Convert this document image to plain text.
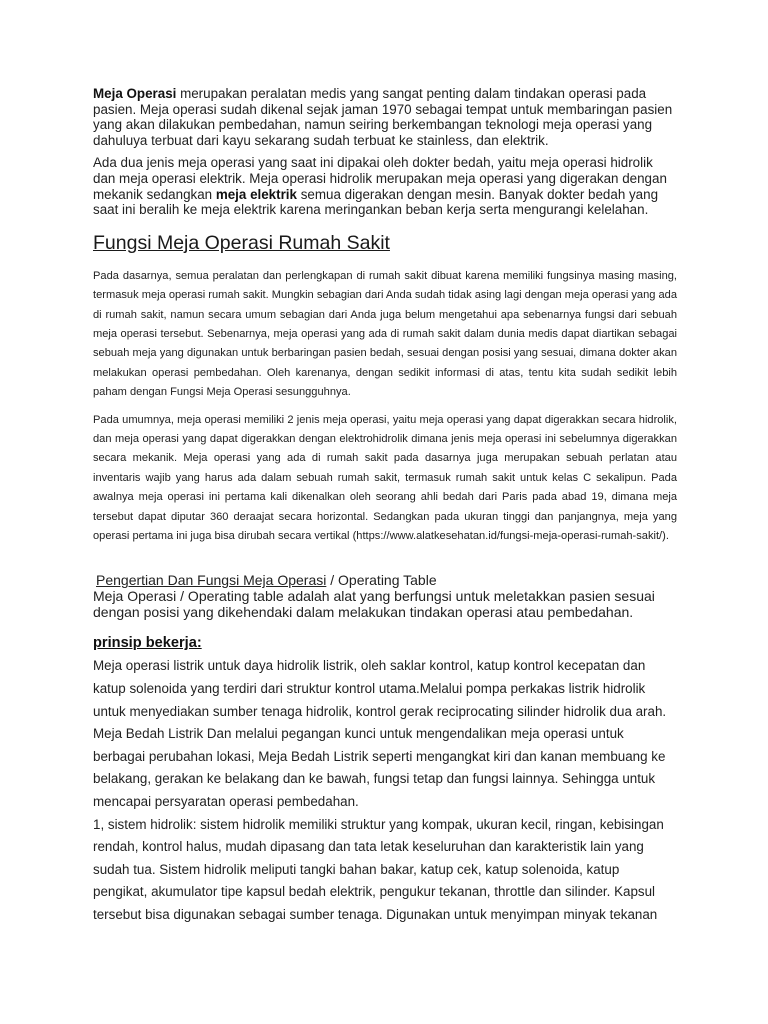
Meja Operasi merupakan peralatan medis yang sangat penting dalam tindakan operasi pada pasien. Meja operasi sudah dikenal sejak jaman 1970 sebagai tempat untuk membaringan pasien yang akan dilakukan pembedahan, namun seiring berkembangan teknologi meja operasi yang dahuluya terbuat dari kayu sekarang sudah terbuat ke stainless, dan elektrik.

Ada dua jenis meja operasi yang saat ini dipakai oleh dokter bedah, yaitu meja operasi hidrolik dan meja operasi elektrik. Meja operasi hidrolik merupakan meja operasi yang digerakan dengan mekanik sedangkan meja elektrik semua digerakan dengan mesin. Banyak dokter bedah yang saat ini beralih ke meja elektrik karena meringankan beban kerja serta mengurangi kelelahan.

Fungsi Meja Operasi Rumah Sakit

Pada dasarnya, semua peralatan dan perlengkapan di rumah sakit dibuat karena memiliki fungsinya masing masing, termasuk meja operasi rumah sakit. Mungkin sebagian dari Anda sudah tidak asing lagi dengan meja operasi yang ada di rumah sakit, namun secara umum sebagian dari Anda juga belum mengetahui apa sebenarnya fungsi dari sebuah meja operasi tersebut. Sebenarnya, meja operasi yang ada di rumah sakit dalam dunia medis dapat diartikan sebagai sebuah meja yang digunakan untuk berbaringan pasien bedah, sesuai dengan posisi yang sesuai, dimana dokter akan melakukan operasi pembedahan. Oleh karenanya, dengan sedikit informasi di atas, tentu kita sudah sedikit lebih paham dengan Fungsi Meja Operasi sesungguhnya.

Pada umumnya, meja operasi memiliki 2 jenis meja operasi, yaitu meja operasi yang dapat digerakkan secara hidrolik, dan meja operasi yang dapat digerakkan dengan elektrohidrolik dimana jenis meja operasi ini sebelumnya digerakkan secara mekanik. Meja operasi yang ada di rumah sakit pada dasarnya juga merupakan sebuah perlatan atau inventaris wajib yang harus ada dalam sebuah rumah sakit, termasuk rumah sakit untuk kelas C sekalipun. Pada awalnya meja operasi ini pertama kali dikenalkan oleh seorang ahli bedah dari Paris pada abad 19, dimana meja tersebut dapat diputar 360 deraajat secara horizontal. Sedangkan pada ukuran tinggi dan panjangnya, meja yang operasi pertama ini juga bisa dirubah secara vertikal (https://www.alatkesehatan.id/fungsi-meja-operasi-rumah-sakit/).

Pengertian Dan Fungsi Meja Operasi / Operating Table

Meja Operasi / Operating table adalah alat yang berfungsi untuk meletakkan pasien sesuai dengan posisi yang dikehendaki dalam melakukan tindakan operasi atau pembedahan.

prinsip bekerja:

Meja operasi listrik untuk daya hidrolik listrik, oleh saklar kontrol, katup kontrol kecepatan dan katup solenoida yang terdiri dari struktur kontrol utama.Melalui pompa perkakas listrik hidrolik untuk menyediakan sumber tenaga hidrolik, kontrol gerak reciprocating silinder hidrolik dua arah. Meja Bedah Listrik Dan melalui pegangan kunci untuk mengendalikan meja operasi untuk berbagai perubahan lokasi, Meja Bedah Listrik seperti mengangkat kiri dan kanan membuang ke belakang, gerakan ke belakang dan ke bawah, fungsi tetap dan fungsi lainnya. Sehingga untuk mencapai persyaratan operasi pembedahan.

1, sistem hidrolik: sistem hidrolik memiliki struktur yang kompak, ukuran kecil, ringan, kebisingan rendah, kontrol halus, mudah dipasang dan tata letak keseluruhan dan karakteristik lain yang sudah tua. Sistem hidrolik meliputi tangki bahan bakar, katup cek, katup solenoida, katup pengikat, akumulator tipe kapsul bedah elektrik, pengukur tekanan, throttle dan silinder. Kapsul tersebut bisa digunakan sebagai sumber tenaga. Digunakan untuk menyimpan minyak tekanan
